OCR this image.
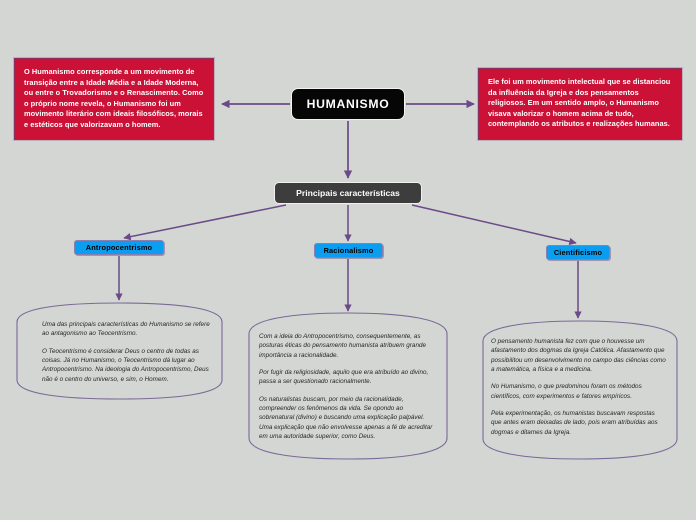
O Humanismo corresponde a um movimento de transição entre a Idade Média e a Idade Moderna, ou entre o Trovadorismo e o Renascimento. Como o próprio nome revela, o Humanismo foi um movimento literário com ideais filosóficos, morais e estéticos que valorizavam o homem.
Ele foi um movimento intelectual que se distanciou da influência da Igreja e dos pensamentos religiosos. Em um sentido amplo, o Humanismo visava valorizar o homem acima de tudo, contemplando os atributos e realizações humanas.
HUMANISMO
Principais características
Antropocentrismo	Racionalismo	Cientificismo

Uma das principais características do Humanismo se refere ao antagonismo ao Teocentrismo.

O Teocentrismo é considerar Deus o centro de todas as coisas. Já no Humanismo, o Teocentrismo dá lugar ao Antropocentrismo. Na ideologia do Antropocentrismo, Deus não é o centro do universo, e sim, o Homem.

Com a ideia do Antropocentrismo, consequentemente, as posturas éticas do pensamento humanista atribuem grande importância a racionalidade.

Por fugir da religiosidade, aquilo que era atribuído ao divino, passa a ser questionado racionalmente.

Os naturalistas buscam, por meio da racionalidade, compreender os fenômenos da vida. Se opondo ao sobrenatural (divino) e buscando uma explicação palpável. Uma explicação que não envolvesse apenas a fé de acreditar em uma autoridade superior, como Deus.

O pensamento humanista fez com que o houvesse um afastamento dos dogmas da Igreja Católica. Afastamento que possibilitou um desenvolvimento no campo das ciências como a matemática, a física e a medicina.

No Humanismo, o que predominou foram os métodos científicos, com experimentos e fatores empíricos.

Pela experimentação, os humanistas buscavam respostas que antes eram deixadas de lado, pois eram atribuídas aos dogmas e ditames da Igreja.
